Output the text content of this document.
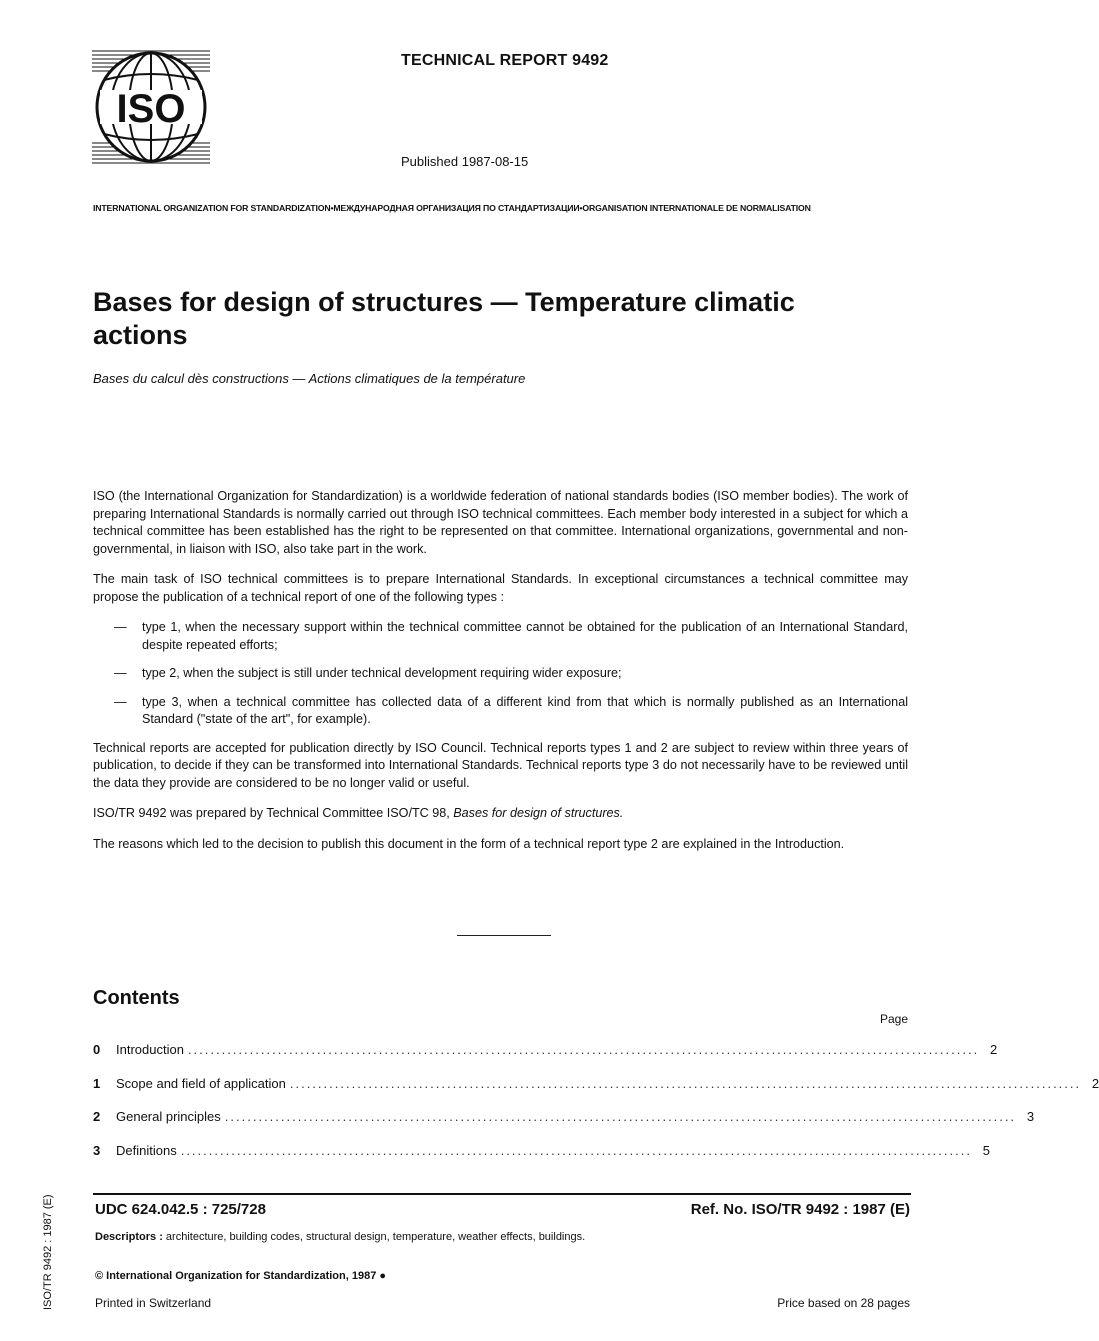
ISO
TECHNICAL REPORT 9492
Published 1987-08-15
INTERNATIONAL ORGANIZATION FOR STANDARDIZATION•МЕЖДУНАРОДНАЯ ОРГАНИЗАЦИЯ ПО СТАНДАРТИЗАЦИИ•ORGANISATION INTERNATIONALE DE NORMALISATION
Bases for design of structures — Temperature climatic actions
Bases du calcul dès constructions — Actions climatiques de la température

ISO (the International Organization for Standardization) is a worldwide federation of national standards bodies (ISO member bodies). The work of preparing International Standards is normally carried out through ISO technical committees. Each member body interested in a subject for which a technical committee has been established has the right to be represented on that committee. International organizations, governmental and non-governmental, in liaison with ISO, also take part in the work.

The main task of ISO technical committees is to prepare International Standards. In exceptional circumstances a technical committee may propose the publication of a technical report of one of the following types :

—	type 1, when the necessary support within the technical committee cannot be obtained for the publication of an International Standard, despite repeated efforts;
—	type 2, when the subject is still under technical development requiring wider exposure;
—	type 3, when a technical committee has collected data of a different kind from that which is normally published as an International Standard ("state of the art", for example).

Technical reports are accepted for publication directly by ISO Council. Technical reports types 1 and 2 are subject to review within three years of publication, to decide if they can be transformed into International Standards. Technical reports type 3 do not necessarily have to be reviewed until the data they provide are considered to be no longer valid or useful.

ISO/TR 9492 was prepared by Technical Committee ISO/TC 98, Bases for design of structures.

The reasons which led to the decision to publish this document in the form of a technical report type 2 are explained in the Introduction.

Contents
Page
0	Introduction ............................................................................................................................................. 2
1	Scope and field of application ............................................................................................................................................. 2
2	General principles ............................................................................................................................................. 3
3	Definitions ............................................................................................................................................. 5
UDC 624.042.5 : 725/728	Ref. No. ISO/TR 9492 : 1987 (E)
Descriptors : architecture, building codes, structural design, temperature, weather effects, buildings.
© International Organization for Standardization, 1987 ●
Printed in Switzerland	Price based on 28 pages
ISO/TR 9492 : 1987 (E)
